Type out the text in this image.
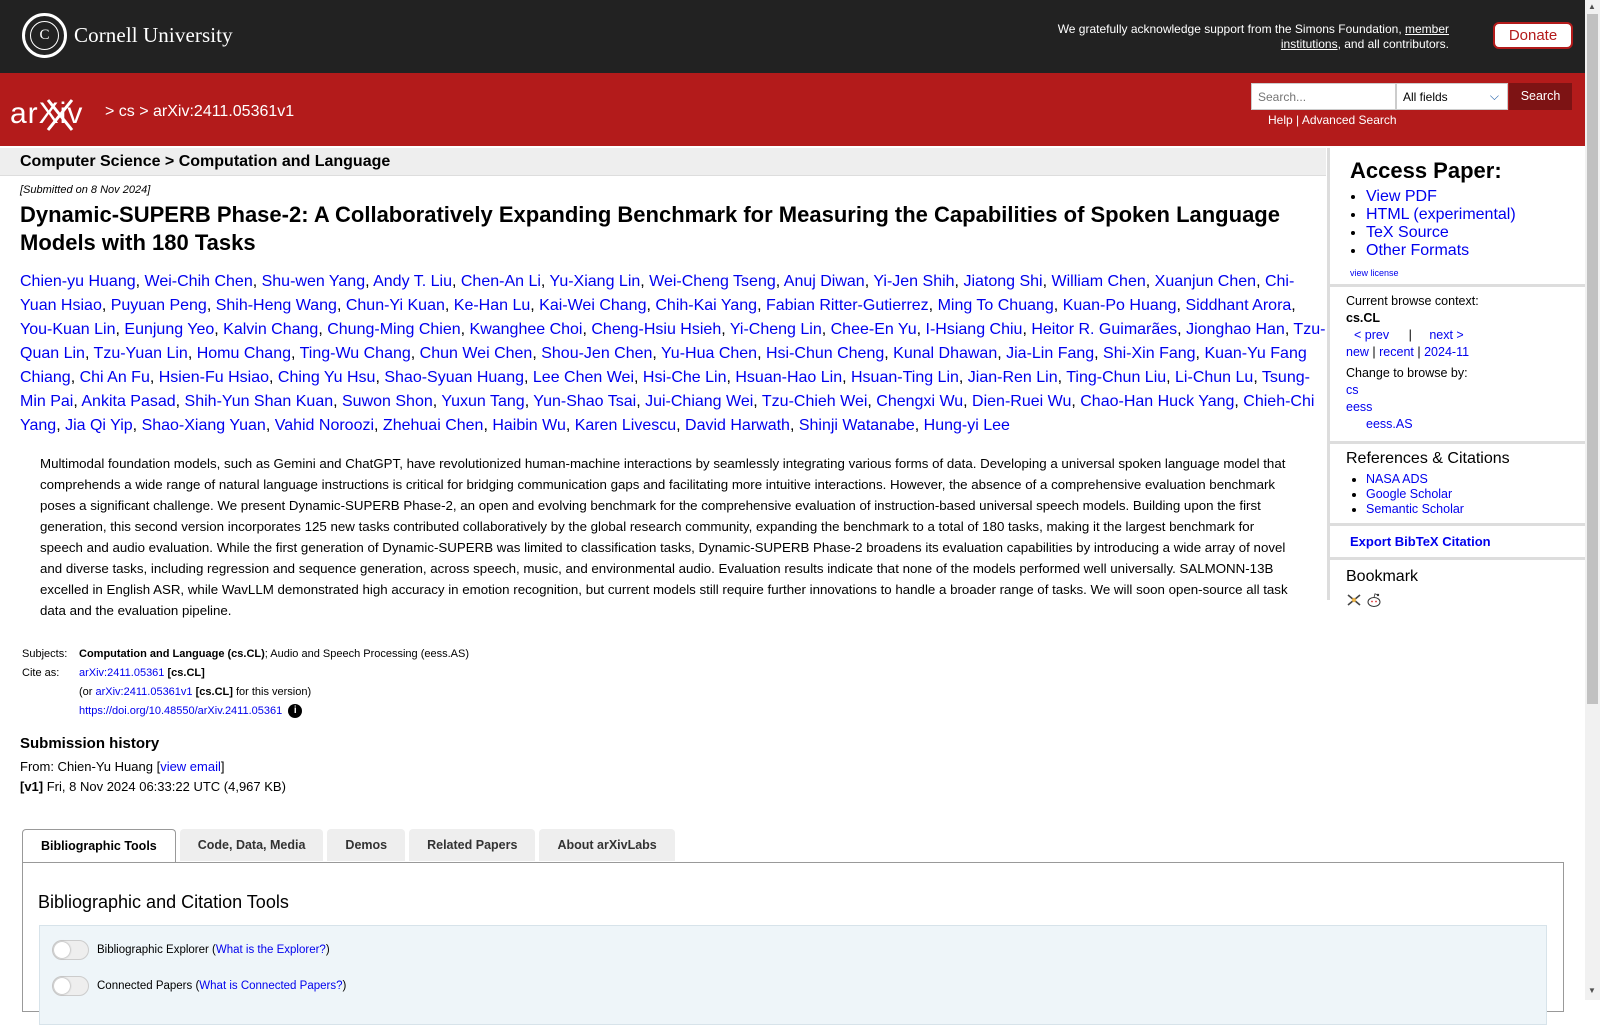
C	Cornell University	We gratefully acknowledge support from the Simons Foundation, member institutions, and all contributors.	Donate
arXiv > cs > arXiv:2411.05361v1
Search...
All fields	⌵	Search
Help | Advanced Search
▲
▼
Computer Science > Computation and Language
[Submitted on 8 Nov 2024]
Dynamic-SUPERB Phase-2: A Collaboratively Expanding Benchmark for Measuring the Capabilities of Spoken Language Models with 180 Tasks
Chien-yu Huang, Wei-Chih Chen, Shu-wen Yang, Andy T. Liu, Chen-An Li, Yu-Xiang Lin, Wei-Cheng Tseng, Anuj Diwan, Yi-Jen Shih, Jiatong Shi, William Chen, Xuanjun Chen, Chi-Yuan Hsiao, Puyuan Peng, Shih-Heng Wang, Chun-Yi Kuan, Ke-Han Lu, Kai-Wei Chang, Chih-Kai Yang, Fabian Ritter-Gutierrez, Ming To Chuang, Kuan-Po Huang, Siddhant Arora, You-Kuan Lin, Eunjung Yeo, Kalvin Chang, Chung-Ming Chien, Kwanghee Choi, Cheng-Hsiu Hsieh, Yi-Cheng Lin, Chee-En Yu, I-Hsiang Chiu, Heitor R. Guimarães, Jionghao Han, Tzu-Quan Lin, Tzu-Yuan Lin, Homu Chang, Ting-Wu Chang, Chun Wei Chen, Shou-Jen Chen, Yu-Hua Chen, Hsi-Chun Cheng, Kunal Dhawan, Jia-Lin Fang, Shi-Xin Fang, Kuan-Yu Fang Chiang, Chi An Fu, Hsien-Fu Hsiao, Ching Yu Hsu, Shao-Syuan Huang, Lee Chen Wei, Hsi-Che Lin, Hsuan-Hao Lin, Hsuan-Ting Lin, Jian-Ren Lin, Ting-Chun Liu, Li-Chun Lu, Tsung-Min Pai, Ankita Pasad, Shih-Yun Shan Kuan, Suwon Shon, Yuxun Tang, Yun-Shao Tsai, Jui-Chiang Wei, Tzu-Chieh Wei, Chengxi Wu, Dien-Ruei Wu, Chao-Han Huck Yang, Chieh-Chi Yang, Jia Qi Yip, Shao-Xiang Yuan, Vahid Noroozi, Zhehuai Chen, Haibin Wu, Karen Livescu, David Harwath, Shinji Watanabe, Hung-yi Lee
Multimodal foundation models, such as Gemini and ChatGPT, have revolutionized human-machine interactions by seamlessly integrating various forms of data. Developing a universal spoken language model that comprehends a wide range of natural language instructions is critical for bridging communication gaps and facilitating more intuitive interactions. However, the absence of a comprehensive evaluation benchmark poses a significant challenge. We present Dynamic-SUPERB Phase-2, an open and evolving benchmark for the comprehensive evaluation of instruction-based universal speech models. Building upon the first generation, this second version incorporates 125 new tasks contributed collaboratively by the global research community, expanding the benchmark to a total of 180 tasks, making it the largest benchmark for speech and audio evaluation. While the first generation of Dynamic-SUPERB was limited to classification tasks, Dynamic-SUPERB Phase-2 broadens its evaluation capabilities by introducing a wide array of novel and diverse tasks, including regression and sequence generation, across speech, music, and environmental audio. Evaluation results indicate that none of the models performed well universally. SALMONN-13B excelled in English ASR, while WavLLM demonstrated high accuracy in emotion recognition, but current models still require further innovations to handle a broader range of tasks. We will soon open-source all task data and the evaluation pipeline.
Subjects:	Computation and Language (cs.CL); Audio and Speech Processing (eess.AS)
Cite as:	arXiv:2411.05361 [cs.CL]
	(or arXiv:2411.05361v1 [cs.CL] for this version)
	https://doi.org/10.48550/arXiv.2411.05361 i
Submission history
From: Chien-Yu Huang [view email]
[v1] Fri, 8 Nov 2024 06:33:22 UTC (4,967 KB)
Bibliographic Tools	Code, Data, Media	Demos	Related Papers	About arXivLabs
Bibliographic and Citation Tools
Bibliographic Explorer ( What is the Explorer? )
Connected Papers ( What is Connected Papers? )
Access Paper:
• View PDF
• HTML (experimental)
• TeX Source
• Other Formats
view license
Current browse context:
cs.CL
< prev | next >
new | recent | 2024-11
Change to browse by:
cs
eess
eess.AS
References & Citations
• NASA ADS
• Google Scholar
• Semantic Scholar
Export BibTeX Citation
Bookmark
